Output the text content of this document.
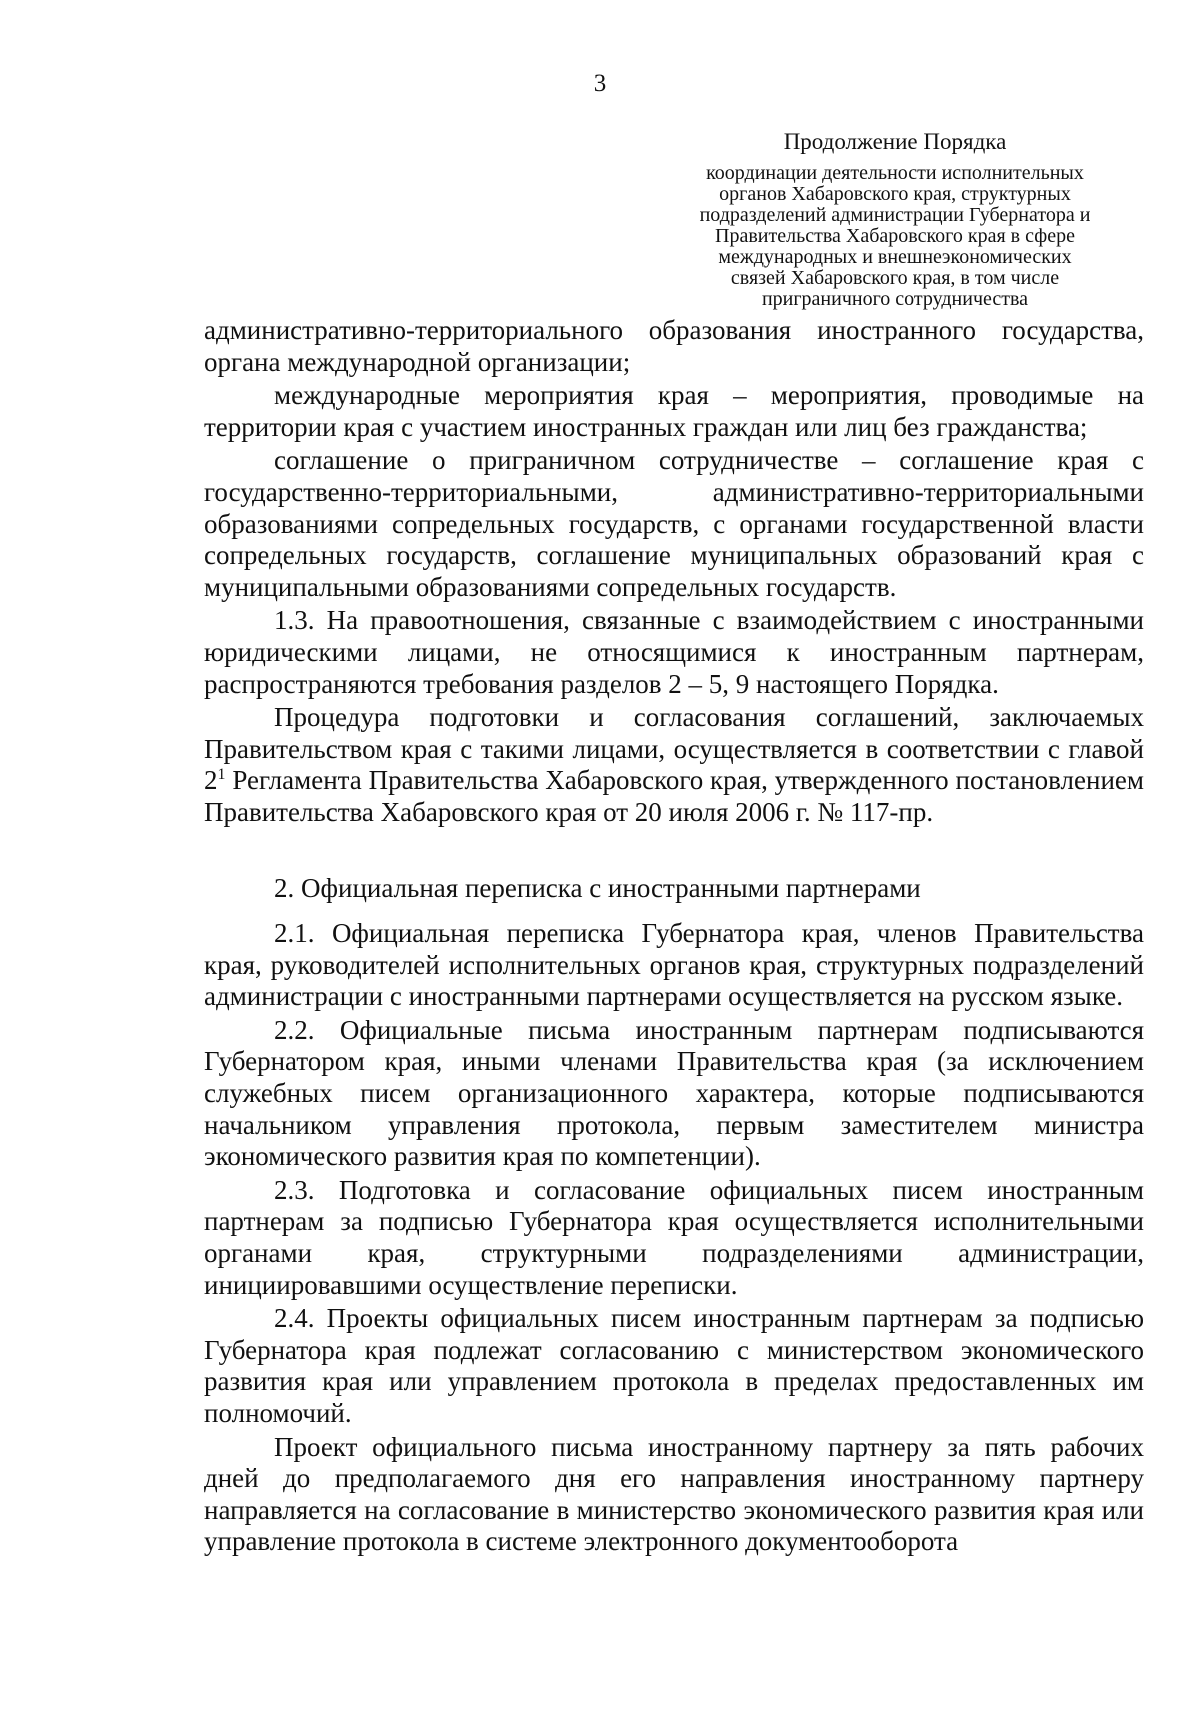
3
Продолжение Порядка
координации деятельности исполнительных
органов Хабаровского края, структурных
подразделений администрации Губернатора и
Правительства Хабаровского края в сфере
международных и внешнеэкономических
связей Хабаровского края, в том числе
приграничного сотрудничества

административно-территориального образования иностранного государства, органа международной организации;

международные мероприятия края – мероприятия, проводимые на территории края с участием иностранных граждан или лиц без гражданства;

соглашение о приграничном сотрудничестве – соглашение края с государственно-территориальными, административно-территориальными образованиями сопредельных государств, с органами государственной власти сопредельных государств, соглашение муниципальных образований края с муниципальными образованиями сопредельных государств.

1.3. На правоотношения, связанные с взаимодействием с иностранными юридическими лицами, не относящимися к иностранным партнерам, распространяются требования разделов 2 – 5, 9 настоящего Порядка.

Процедура подготовки и согласования соглашений, заключаемых Правительством края с такими лицами, осуществляется в соответствии с главой $2^1$ Регламента Правительства Хабаровского края, утвержденного постановлением Правительства Хабаровского края от 20 июля 2006 г. № 117-пр.

2. Официальная переписка с иностранными партнерами

2.1. Официальная переписка Губернатора края, членов Правительства края, руководителей исполнительных органов края, структурных подразделений администрации с иностранными партнерами осуществляется на русском языке.

2.2. Официальные письма иностранным партнерам подписываются Губернатором края, иными членами Правительства края (за исключением служебных писем организационного характера, которые подписываются начальником управления протокола, первым заместителем министра экономического развития края по компетенции).

2.3. Подготовка и согласование официальных писем иностранным партнерам за подписью Губернатора края осуществляется исполнительными органами края, структурными подразделениями администрации, инициировавшими осуществление переписки.

2.4. Проекты официальных писем иностранным партнерам за подписью Губернатора края подлежат согласованию с министерством экономического развития края или управлением протокола в пределах предоставленных им полномочий.

Проект официального письма иностранному партнеру за пять рабочих дней до предполагаемого дня его направления иностранному партнеру направляется на согласование в министерство экономического развития края или управление протокола в системе электронного документооборота
